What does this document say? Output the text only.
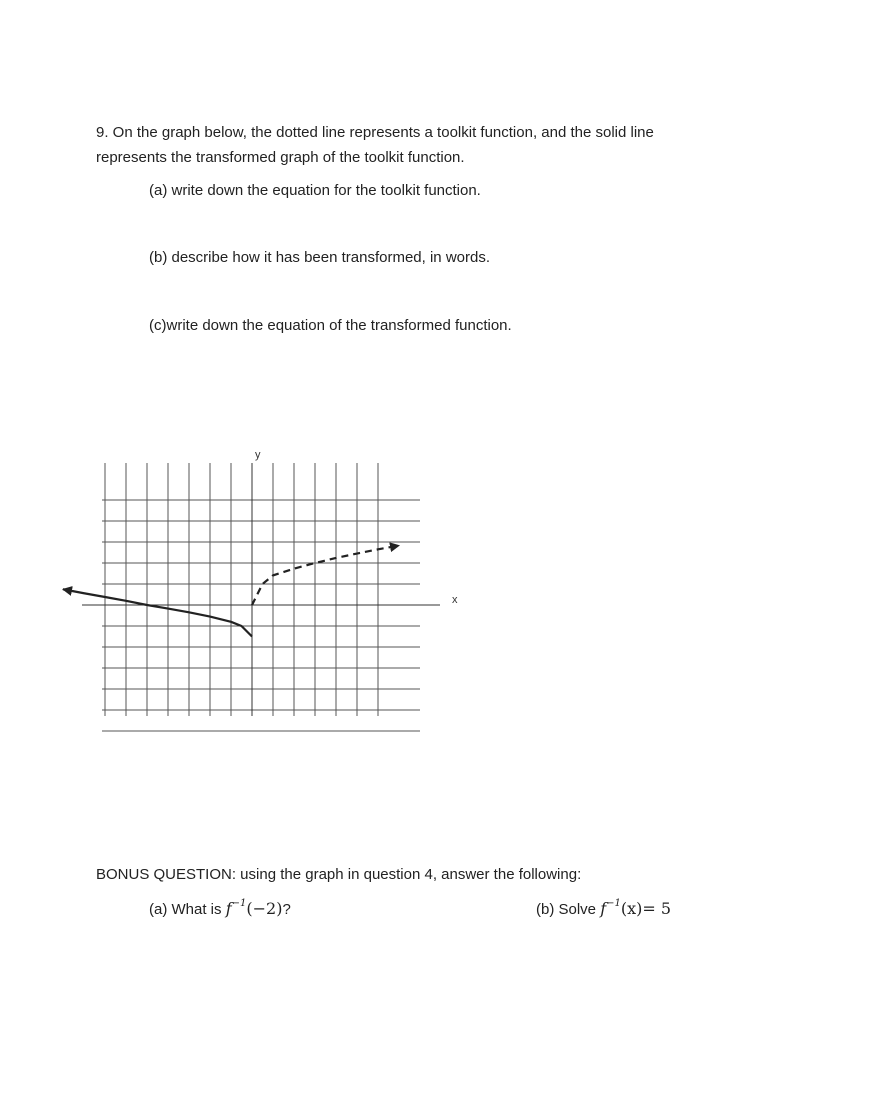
9. On the graph below, the dotted line represents a toolkit function, and the solid line
represents the transformed graph of the toolkit function.
(a) write down the equation for the toolkit function.
(b) describe how it has been transformed, in words.
(c)write down the equation of the transformed function.
y
x
BONUS QUESTION: using the graph in question 4, answer the following:
(a) What is $f^{-1}(-2)$?	(b) Solve $f^{-1}(x)= 5$
